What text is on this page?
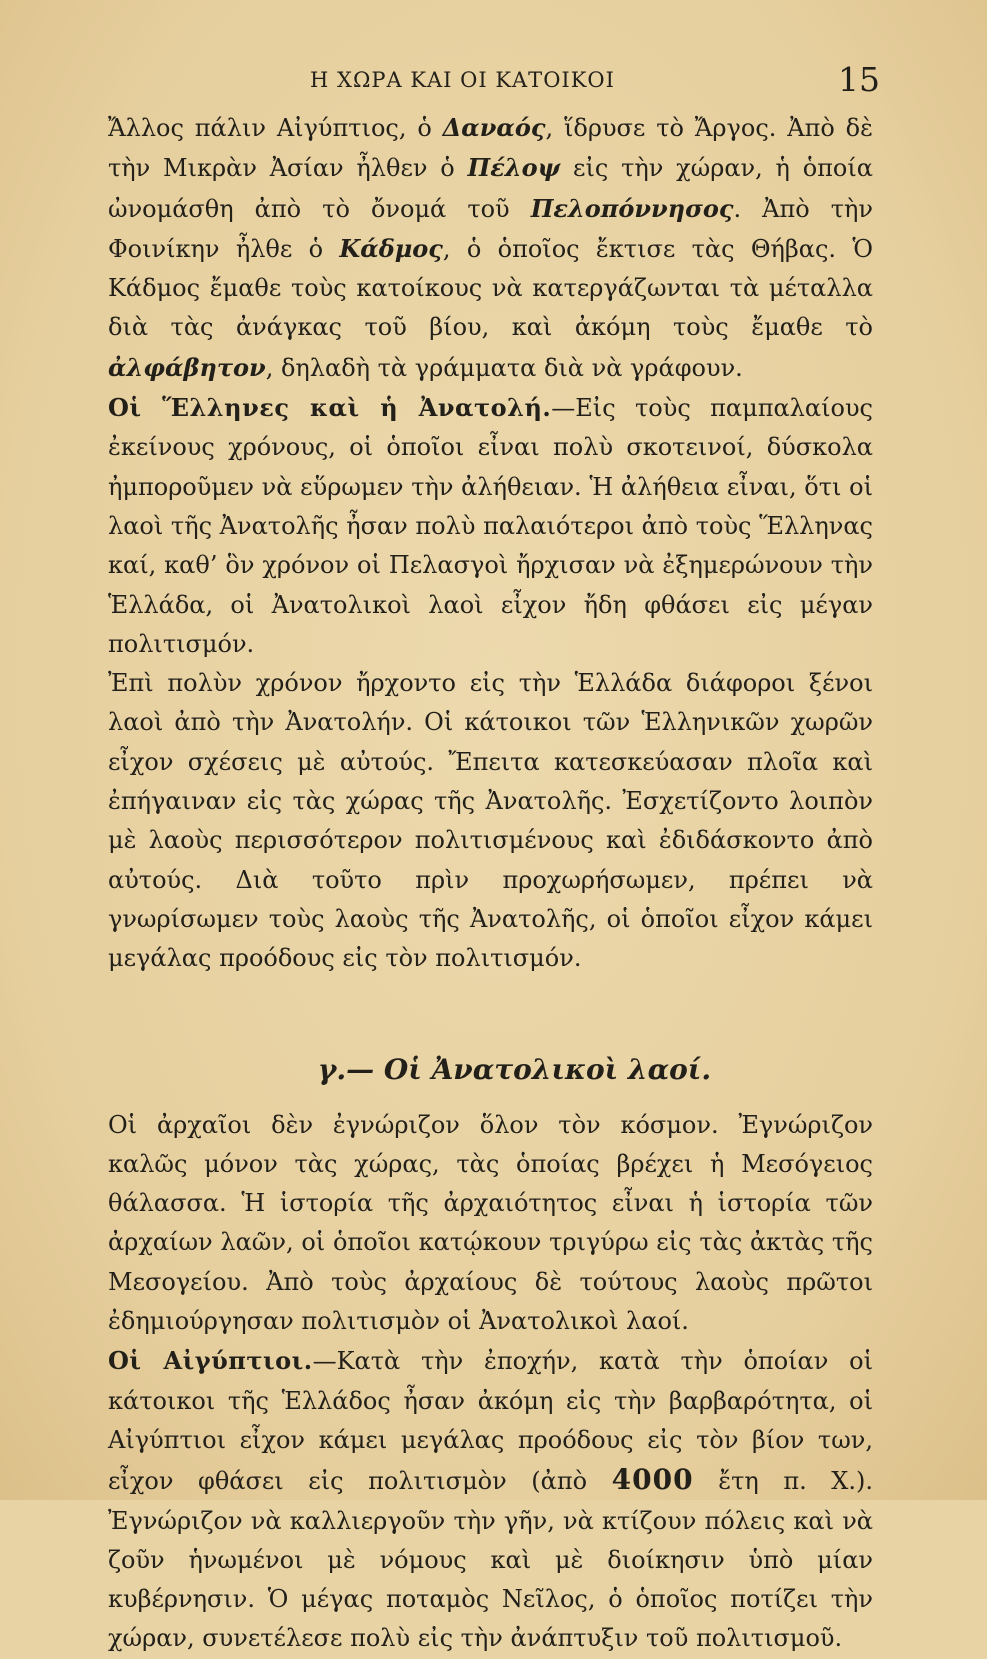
Η ΧΩΡΑ ΚΑΙ ΟΙ ΚΑΤΟΙΚΟΙ	15

Ἄλλος πάλιν Αἰγύπτιος, ὁ Δαναός, ἵδρυσε τὸ Ἄργος. Ἀπὸ δὲ τὴν Μικρὰν Ἀσίαν ἦλθεν ὁ Πέλοψ εἰς τὴν χώραν, ἡ ὁποία ὠνομάσθη ἀπὸ τὸ ὄνομά τοῦ Πελοπόννησος. Ἀπὸ τὴν Φοινίκην ἦλθε ὁ Κάδμος, ὁ ὁποῖος ἔκτισε τὰς Θήβας. Ὁ Κάδμος ἔμαθε τοὺς κατοίκους νὰ κατεργάζωνται τὰ μέταλλα διὰ τὰς ἀνάγκας τοῦ βίου, καὶ ἀκόμη τοὺς ἔμαθε τὸ ἀλφάβητον, δηλαδὴ τὰ γράμματα διὰ νὰ γράφουν.

Οἱ Ἕλληνες καὶ ἡ Ἀνατολή.—Εἰς τοὺς παμπαλαίους ἐκείνους χρόνους, οἱ ὁποῖοι εἶναι πολὺ σκοτεινοί, δύσκολα ἠμποροῦμεν νὰ εὕρωμεν τὴν ἀλήθειαν. Ἡ ἀλήθεια εἶναι, ὅτι οἱ λαοὶ τῆς Ἀνατολῆς ἦσαν πολὺ παλαιότεροι ἀπὸ τοὺς Ἕλληνας καί, καθ’ ὃν χρόνον οἱ Πελασγοὶ ἤρχισαν νὰ ἐξημερώνουν τὴν Ἑλλάδα, οἱ Ἀνατολικοὶ λαοὶ εἶχον ἤδη φθάσει εἰς μέγαν πολιτισμόν.

Ἐπὶ πολὺν χρόνον ἤρχοντο εἰς τὴν Ἑλλάδα διάφοροι ξένοι λαοὶ ἀπὸ τὴν Ἀνατολήν. Οἱ κάτοικοι τῶν Ἑλληνικῶν χωρῶν εἶχον σχέσεις μὲ αὐτούς. Ἔπειτα κατεσκεύασαν πλοῖα καὶ ἐπήγαιναν εἰς τὰς χώρας τῆς Ἀνατολῆς. Ἐσχετίζοντο λοιπὸν μὲ λαοὺς περισσότερον πολιτισμένους καὶ ἐδιδάσκοντο ἀπὸ αὐτούς. Διὰ τοῦτο πρὶν προχωρήσωμεν, πρέπει νὰ γνωρίσωμεν τοὺς λαοὺς τῆς Ἀνατολῆς, οἱ ὁποῖοι εἶχον κάμει μεγάλας προόδους εἰς τὸν πολιτισμόν.

γ.— Οἱ Ἀνατολικοὶ λαοί.

Οἱ ἀρχαῖοι δὲν ἐγνώριζον ὅλον τὸν κόσμον. Ἐγνώριζον καλῶς μόνον τὰς χώρας, τὰς ὁποίας βρέχει ἡ Μεσόγειος θάλασσα. Ἡ ἱστορία τῆς ἀρχαιότητος εἶναι ἡ ἱστορία τῶν ἀρχαίων λαῶν, οἱ ὁποῖοι κατῴκουν τριγύρω εἰς τὰς ἀκτὰς τῆς Μεσογείου. Ἀπὸ τοὺς ἀρχαίους δὲ τούτους λαοὺς πρῶτοι ἐδημιούργησαν πολιτισμὸν οἱ Ἀνατολικοὶ λαοί.

Οἱ Αἰγύπτιοι.—Κατὰ τὴν ἐποχήν, κατὰ τὴν ὁποίαν οἱ κάτοικοι τῆς Ἑλλάδος ἦσαν ἀκόμη εἰς τὴν βαρβαρότητα, οἱ Αἰγύπτιοι εἶχον κάμει μεγάλας προόδους εἰς τὸν βίον των, εἶχον φθάσει εἰς πολιτισμὸν (ἀπὸ 4000 ἔτη π. Χ.). Ἐγνώριζον νὰ καλλιεργοῦν τὴν γῆν, νὰ κτίζουν πόλεις καὶ νὰ ζοῦν ἡνωμένοι μὲ νόμους καὶ μὲ διοίκησιν ὑπὸ μίαν κυβέρνησιν. Ὁ μέγας ποταμὸς Νεῖλος, ὁ ὁποῖος ποτίζει τὴν χώραν, συνετέλεσε πολὺ εἰς τὴν ἀνάπτυξιν τοῦ πολιτισμοῦ.
